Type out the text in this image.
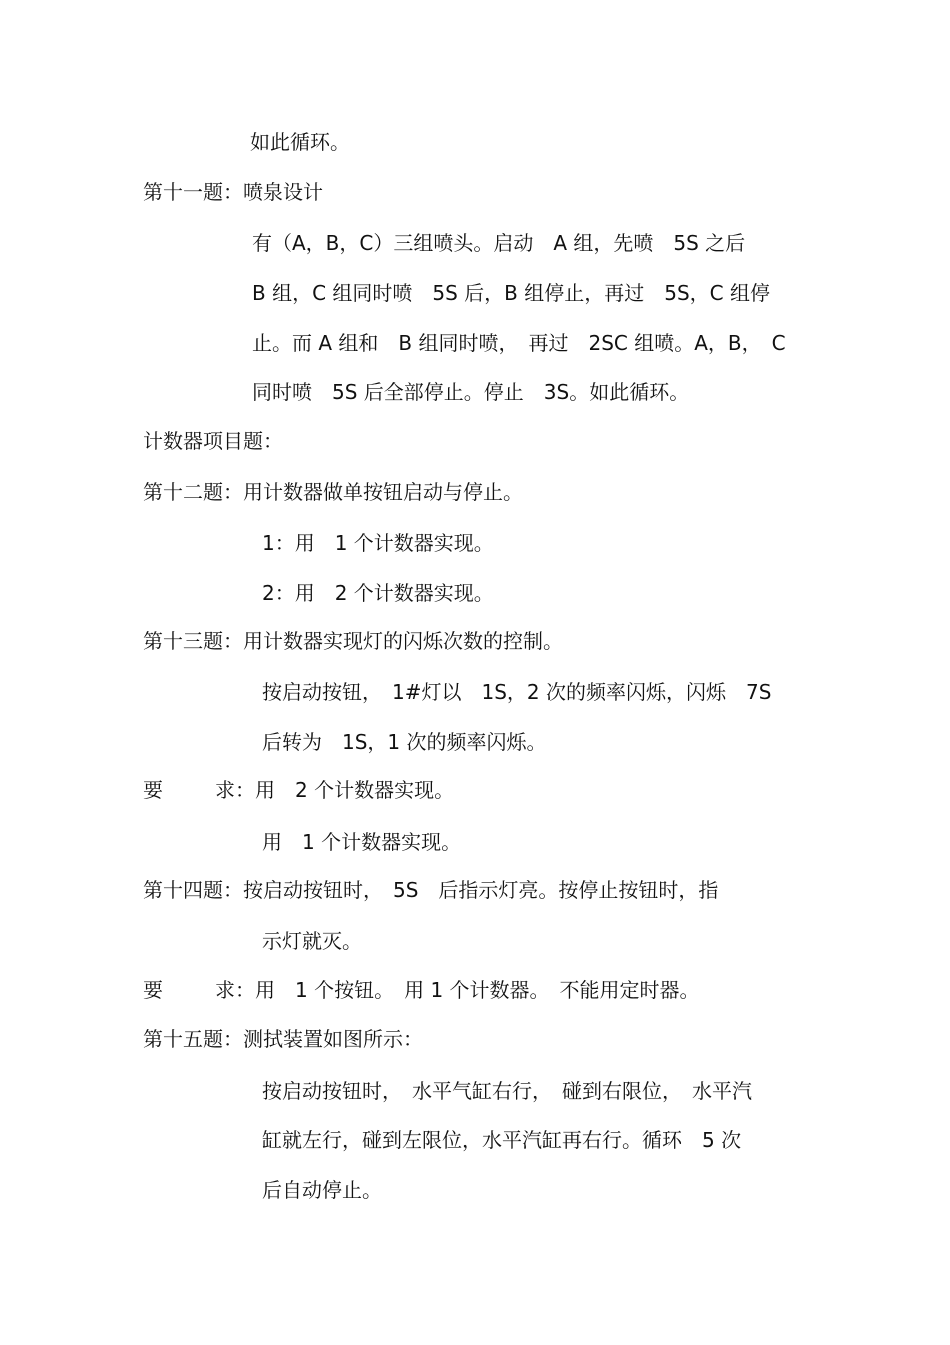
如此循环。
第十一题：喷泉设计
有（A，B，C）三组喷头。启动　A 组，先喷　5S 之后
B 组，C 组同时喷　5S 后，B 组停止，再过　5S，C 组停
止。而 A 组和　B 组同时喷，　再过　2SC 组喷。A，B，　C
同时喷　5S 后全部停止。停止　3S。如此循环。
计数器项目题：
第十二题：用计数器做单按钮启动与停止。
1：用　1 个计数器实现。
2：用　2 个计数器实现。
第十三题：用计数器实现灯的闪烁次数的控制。
按启动按钮，　1#灯以　1S，2 次的频率闪烁，闪烁　7S
后转为　1S，1 次的频率闪烁。
要	求：用　2 个计数器实现。
用　1 个计数器实现。
第十四题：按启动按钮时，　5S　后指示灯亮。按停止按钮时，指
示灯就灭。
要	求：用　1 个按钮。　用 1 个计数器。　不能用定时器。
第十五题：测拭装置如图所示：
按启动按钮时，　水平气缸右行，　碰到右限位，　水平汽
缸就左行，碰到左限位，水平汽缸再右行。循环　5 次
后自动停止。
